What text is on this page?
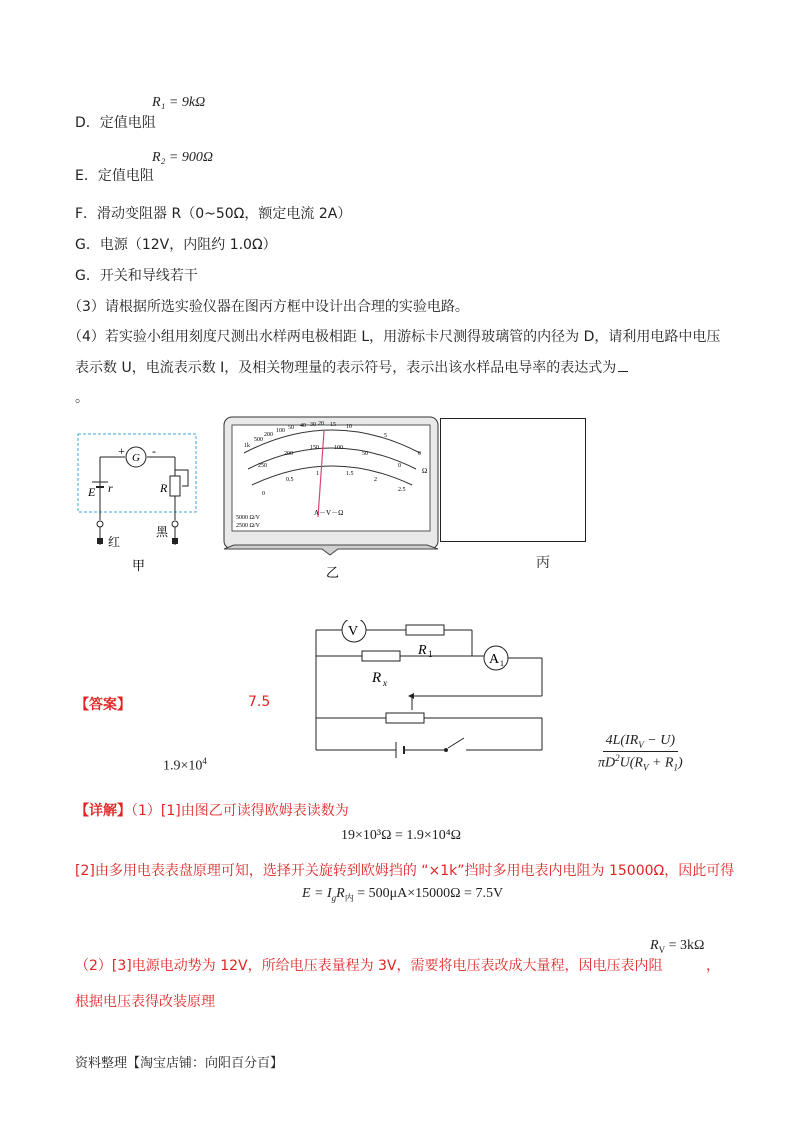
R₁ = 9kΩ
D．定值电阻
R₂ = 900Ω
E．定值电阻
F．滑动变阻器 R（0~50Ω，额定电流 2A）
G．电源（12V，内阻约 1.0Ω）
G．开关和导线若干
（3）请根据所选实验仪器在图丙方框中设计出合理的实验电路。
（4）若实验小组用刻度尺测出水样两电极相距 L，用游标卡尺测得玻璃管的内径为 D，请利用电路中电压
表示数 U，电流表示数 I，及相关物理量的表示符号，表示出该水样品电导率的表达式为
。
+ G -
E r	R
红
黑
甲
1k
500
200
100 50 40 30 20 15 10
5
0
250
200
150	100
50
0
0
0.5
1	1.5
2
2.5
Ω
A－V－Ω
5000 Ω/V
2500 Ω/V
乙
丙
V
R 1	A 1
R x
【答案】	7.5
$1.9\times 10^4$	$\frac{4L(IR_V - U)}{\pi D^2U(R_V + R_1)}$
【详解】（1）[1]由图乙可读得欧姆表读数为
19×10³Ω = 1.9×10⁴Ω
[2]由多用电表表盘原理可知，选择开关旋转到欧姆挡的 “×1k”挡时多用电表内电阻为 15000Ω，因此可得
$E = I_gR_内 = 500\mu A\times 15000\Omega = 7.5V$
$R_V = 3k\Omega$
（2）[3]电源电动势为 12V，所给电压表量程为 3V，需要将电压表改成大量程，因电压表内阻	，
根据电压表得改装原理
资料整理【淘宝店铺：向阳百分百】
